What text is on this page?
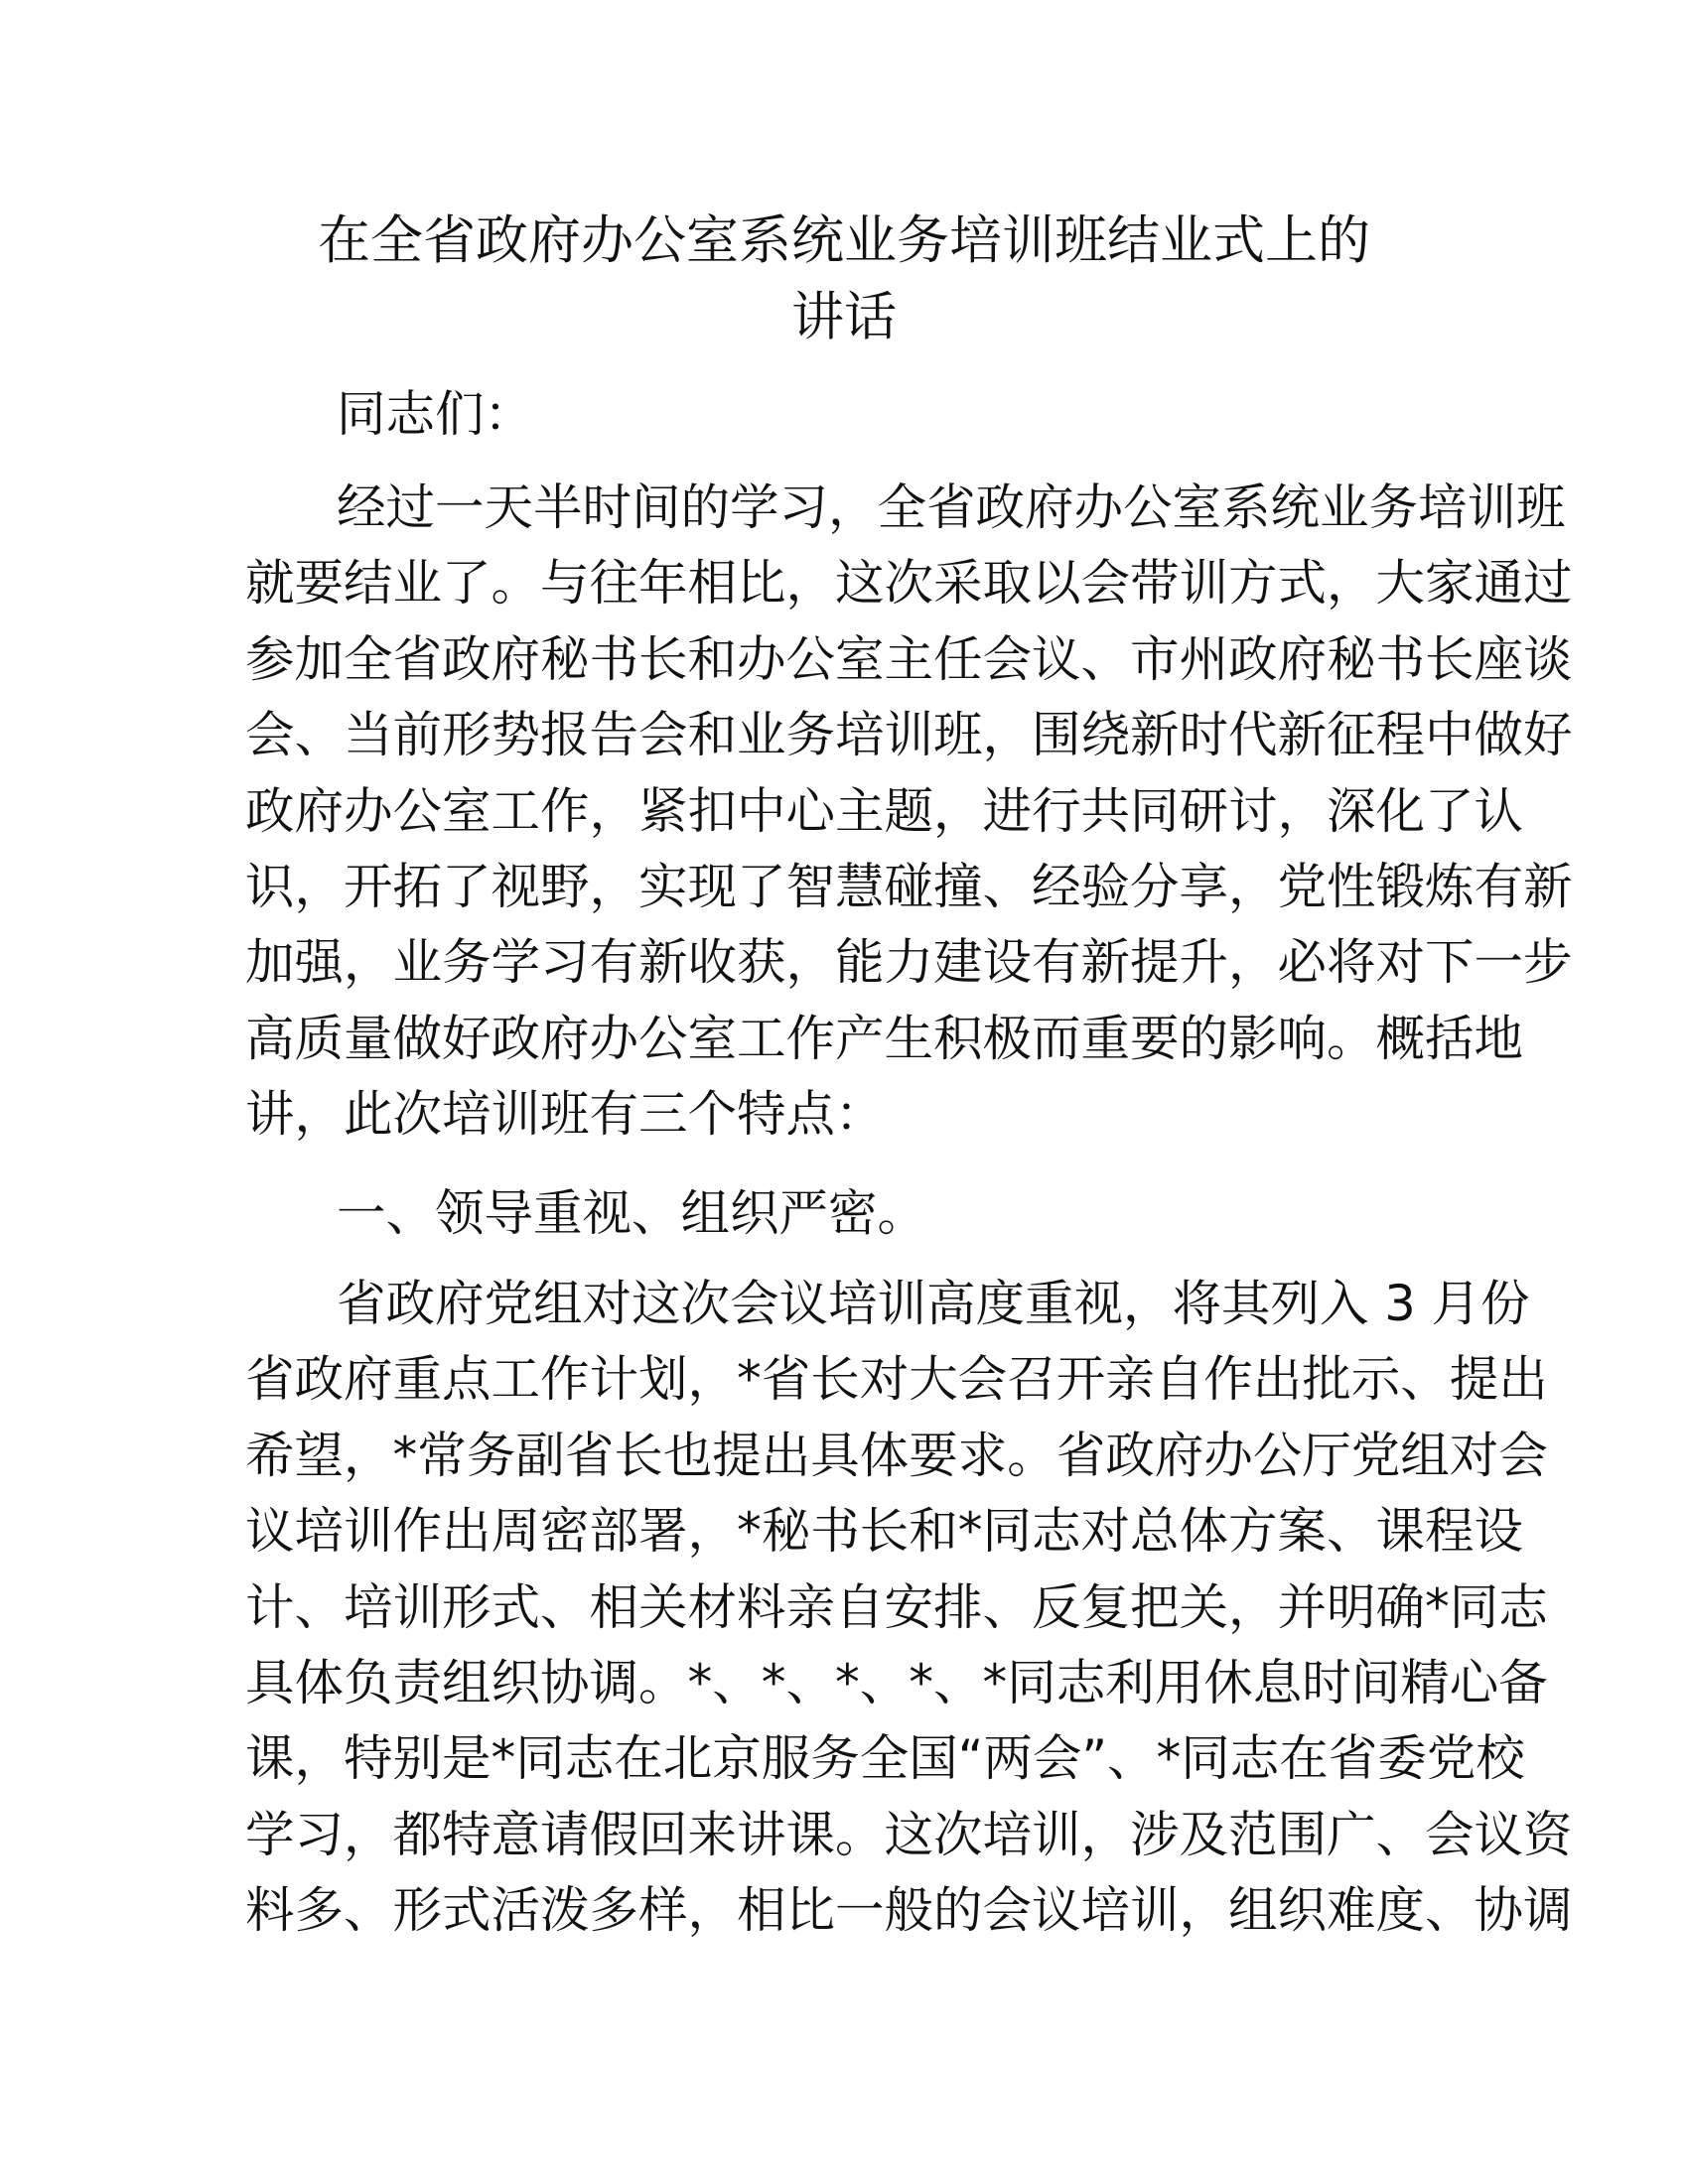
在全省政府办公室系统业务培训班结业式上的
讲话
同志们：
经过一天半时间的学习，全省政府办公室系统业务培训班
就要结业了。与往年相比，这次采取以会带训方式，大家通过
参加全省政府秘书长和办公室主任会议、市州政府秘书长座谈
会、当前形势报告会和业务培训班，围绕新时代新征程中做好
政府办公室工作，紧扣中心主题，进行共同研讨，深化了认
识，开拓了视野，实现了智慧碰撞、经验分享，党性锻炼有新
加强，业务学习有新收获，能力建设有新提升，必将对下一步
高质量做好政府办公室工作产生积极而重要的影响。概括地
讲，此次培训班有三个特点：
一、领导重视、组织严密。
省政府党组对这次会议培训高度重视，将其列入 3 月份
省政府重点工作计划，*省长对大会召开亲自作出批示、提出
希望，*常务副省长也提出具体要求。省政府办公厅党组对会
议培训作出周密部署，*秘书长和*同志对总体方案、课程设
计、培训形式、相关材料亲自安排、反复把关，并明确*同志
具体负责组织协调。*、*、*、*、*同志利用休息时间精心备
课，特别是*同志在北京服务全国“两会”、*同志在省委党校
学习，都特意请假回来讲课。这次培训，涉及范围广、会议资
料多、形式活泼多样，相比一般的会议培训，组织难度、协调
